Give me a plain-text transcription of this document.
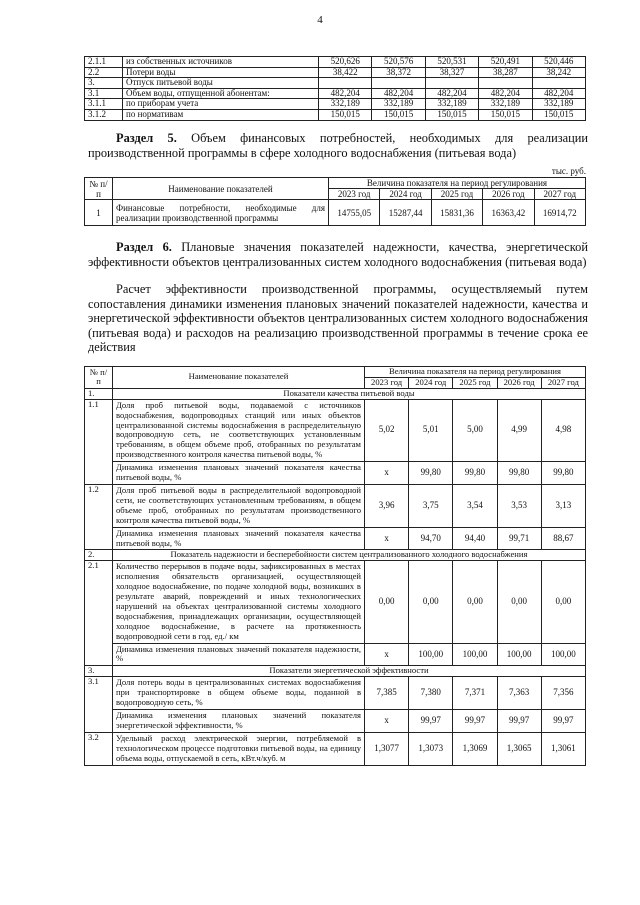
4
2.1.1	из собственных источников	520,626	520,576	520,531	520,491	520,446
2.2	Потери воды	38,422	38,372	38,327	38,287	38,242
3.	Отпуск питьевой воды					
3.1	Объем воды, отпущенной абонентам:	482,204	482,204	482,204	482,204	482,204
3.1.1	по приборам учета	332,189	332,189	332,189	332,189	332,189
3.1.2	по нормативам	150,015	150,015	150,015	150,015	150,015
Раздел 5. Объем финансовых потребностей, необходимых для реализации производственной программы в сфере холодного водоснабжения (питьевая вода)
тыс. руб.
№ п/п	Наименование показателей	Величина показателя на период регулирования				
		2023 год	2024 год	2025 год	2026 год	2027 год
1	Финансовые потребности, необходимые для реализации производственной программы	14755,05	15287,44	15831,36	16363,42	16914,72
Раздел 6. Плановые значения показателей надежности, качества, энергетической эффективности объектов централизованных систем холодного водоснабжения (питьевая вода)
Расчет эффективности производственной программы, осуществляемый путем сопоставления динамики изменения плановых значений показателей надежности, качества и энергетической эффективности объектов централизованных систем холодного водоснабжения (питьевая вода) и расходов на реализацию производственной программы в течение срока ее действия
№ п/п	Наименование показателей	Величина показателя на период регулирования				
		2023 год	2024 год	2025 год	2026 год	2027 год
1.	Показатели качества питьевой воды					
1.1	Доля проб питьевой воды, подаваемой с источников водоснабжения, водопроводных станций или иных объектов централизованной системы водоснабжения в распределительную водопроводную сеть, не соответствующих установленным требованиям, в общем объеме проб, отобранных по результатам производственного контроля качества питьевой воды, %	5,02	5,01	5,00	4,99	4,98
	Динамика изменения плановых значений показателя качества питьевой воды, %	x	99,80	99,80	99,80	99,80
1.2	Доля проб питьевой воды в распределительной водопроводной сети, не соответствующих установленным требованиям, в общем объеме проб, отобранных по результатам производственного контроля качества питьевой воды, %	3,96	3,75	3,54	3,53	3,13
	Динамика изменения плановых значений показателя качества питьевой воды, %	x	94,70	94,40	99,71	88,67
2.	Показатель надежности и бесперебойности систем централизованного холодного водоснабжения					
2.1	Количество перерывов в подаче воды, зафиксированных в местах исполнения обязательств организацией, осуществляющей холодное водоснабжение, по подаче холодной воды, возникших в результате аварий, повреждений и иных технологических нарушений на объектах централизованной системы холодного водоснабжения, принадлежащих организации, осуществляющей холодное водоснабжение, в расчете на протяженность водопроводной сети в год, ед./ км	0,00	0,00	0,00	0,00	0,00
	Динамика изменения плановых значений показателя надежности, %	x	100,00	100,00	100,00	100,00
3.	Показатели энергетической эффективности					
3.1	Доля потерь воды в централизованных системах водоснабжения при транспортировке в общем объеме воды, поданной в водопроводную сеть, %	7,385	7,380	7,371	7,363	7,356
	Динамика изменения плановых значений показателя энергетической эффективности, %	x	99,97	99,97	99,97	99,97
3.2	Удельный расход электрической энергии, потребляемой в технологическом процессе подготовки питьевой воды, на единицу объема воды, отпускаемой в сеть, кВт.ч/куб. м	1,3077	1,3073	1,3069	1,3065	1,3061
